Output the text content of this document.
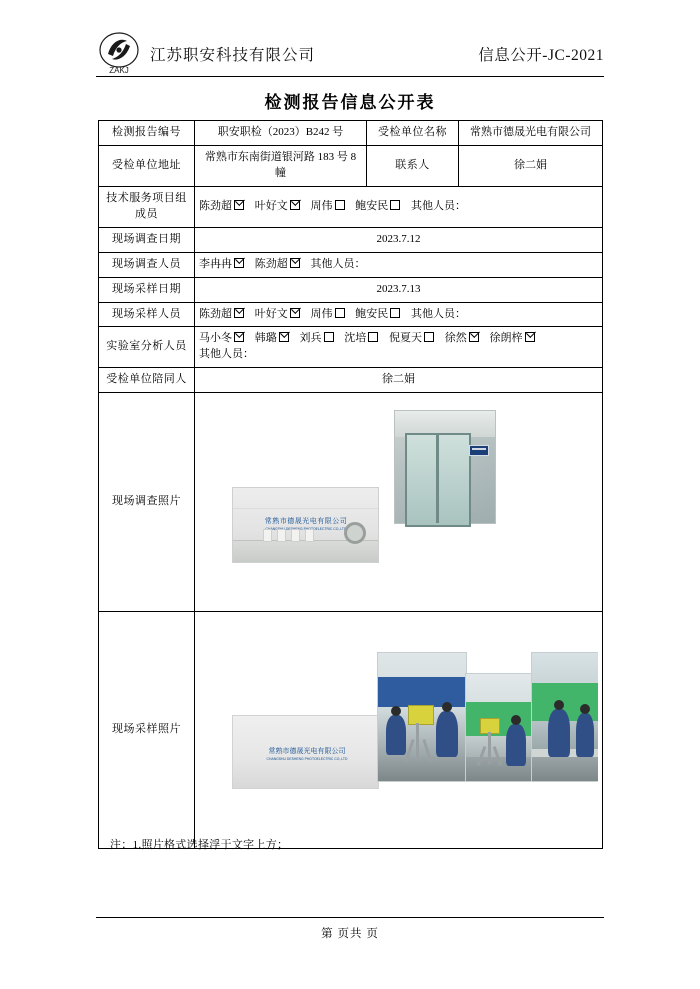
ZAKJ
江苏职安科技有限公司	信息公开-JC-2021
检测报告信息公开表
检测报告编号	职安职检（2023）B242 号	受检单位名称	常熟市德晟光电有限公司
受检单位地址	常熟市东南街道银河路 183 号 8 幢	联系人	徐二娟
技术服务项目组成员	陈劲超 叶好文 周伟 鲍安民 其他人员：		
现场调查日期	2023.7.12		
现场调查人员	李冉冉 陈劲超 其他人员：		
现场采样日期	2023.7.13		
现场采样人员	陈劲超 叶好文 周伟 鲍安民 其他人员：		
实验室分析人员	马小冬 韩璐 刘兵 沈培 倪夏天 徐然 徐朗梓
其他人员：		

受检单位陪同人	徐二娟		
现场调查照片	常熟市德晟光电有限公司
CHANGSHU PHOTOELECTRIC CO.,LTD		

现场采样照片	常熟市德晟光电有限公司
CHANGSHU DESHENG PHOTOELECTRIC CO.,LTD		
注：1.照片格式选择浮于文字上方；
第 页共 页
